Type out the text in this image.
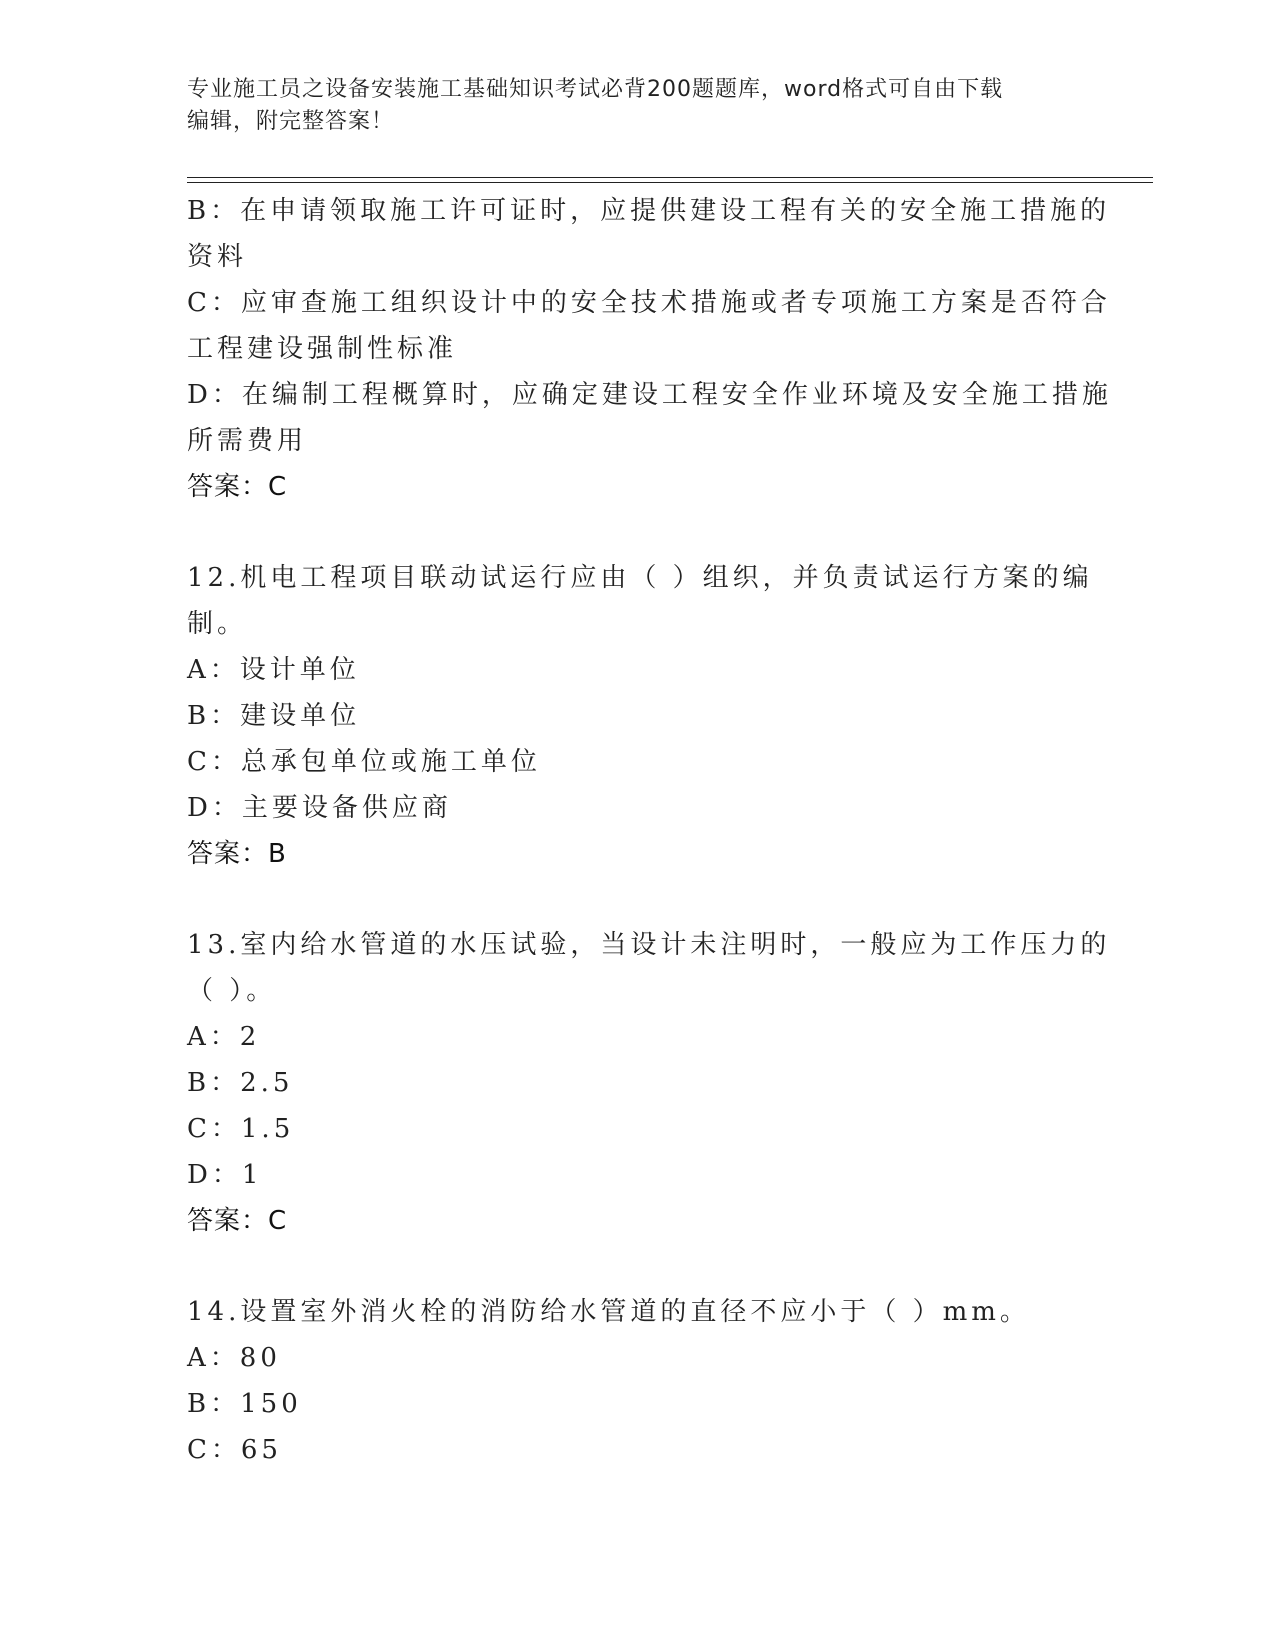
专业施工员之设备安装施工基础知识考试必背200题题库，word格式可自由下载
编辑，附完整答案！
B：在申请领取施工许可证时，应提供建设工程有关的安全施工措施的
资料
C：应审查施工组织设计中的安全技术措施或者专项施工方案是否符合
工程建设强制性标准
D：在编制工程概算时，应确定建设工程安全作业环境及安全施工措施
所需费用
答案：C
12.机电工程项目联动试运行应由（ ）组织，并负责试运行方案的编
制。
A：设计单位
B：建设单位
C：总承包单位或施工单位
D：主要设备供应商
答案：B
13.室内给水管道的水压试验，当设计未注明时，一般应为工作压力的
（ ）。
A：2
B：2.5
C：1.5
D：1
答案：C
14.设置室外消火栓的消防给水管道的直径不应小于（ ）mm。
A：80
B：150
C：65
